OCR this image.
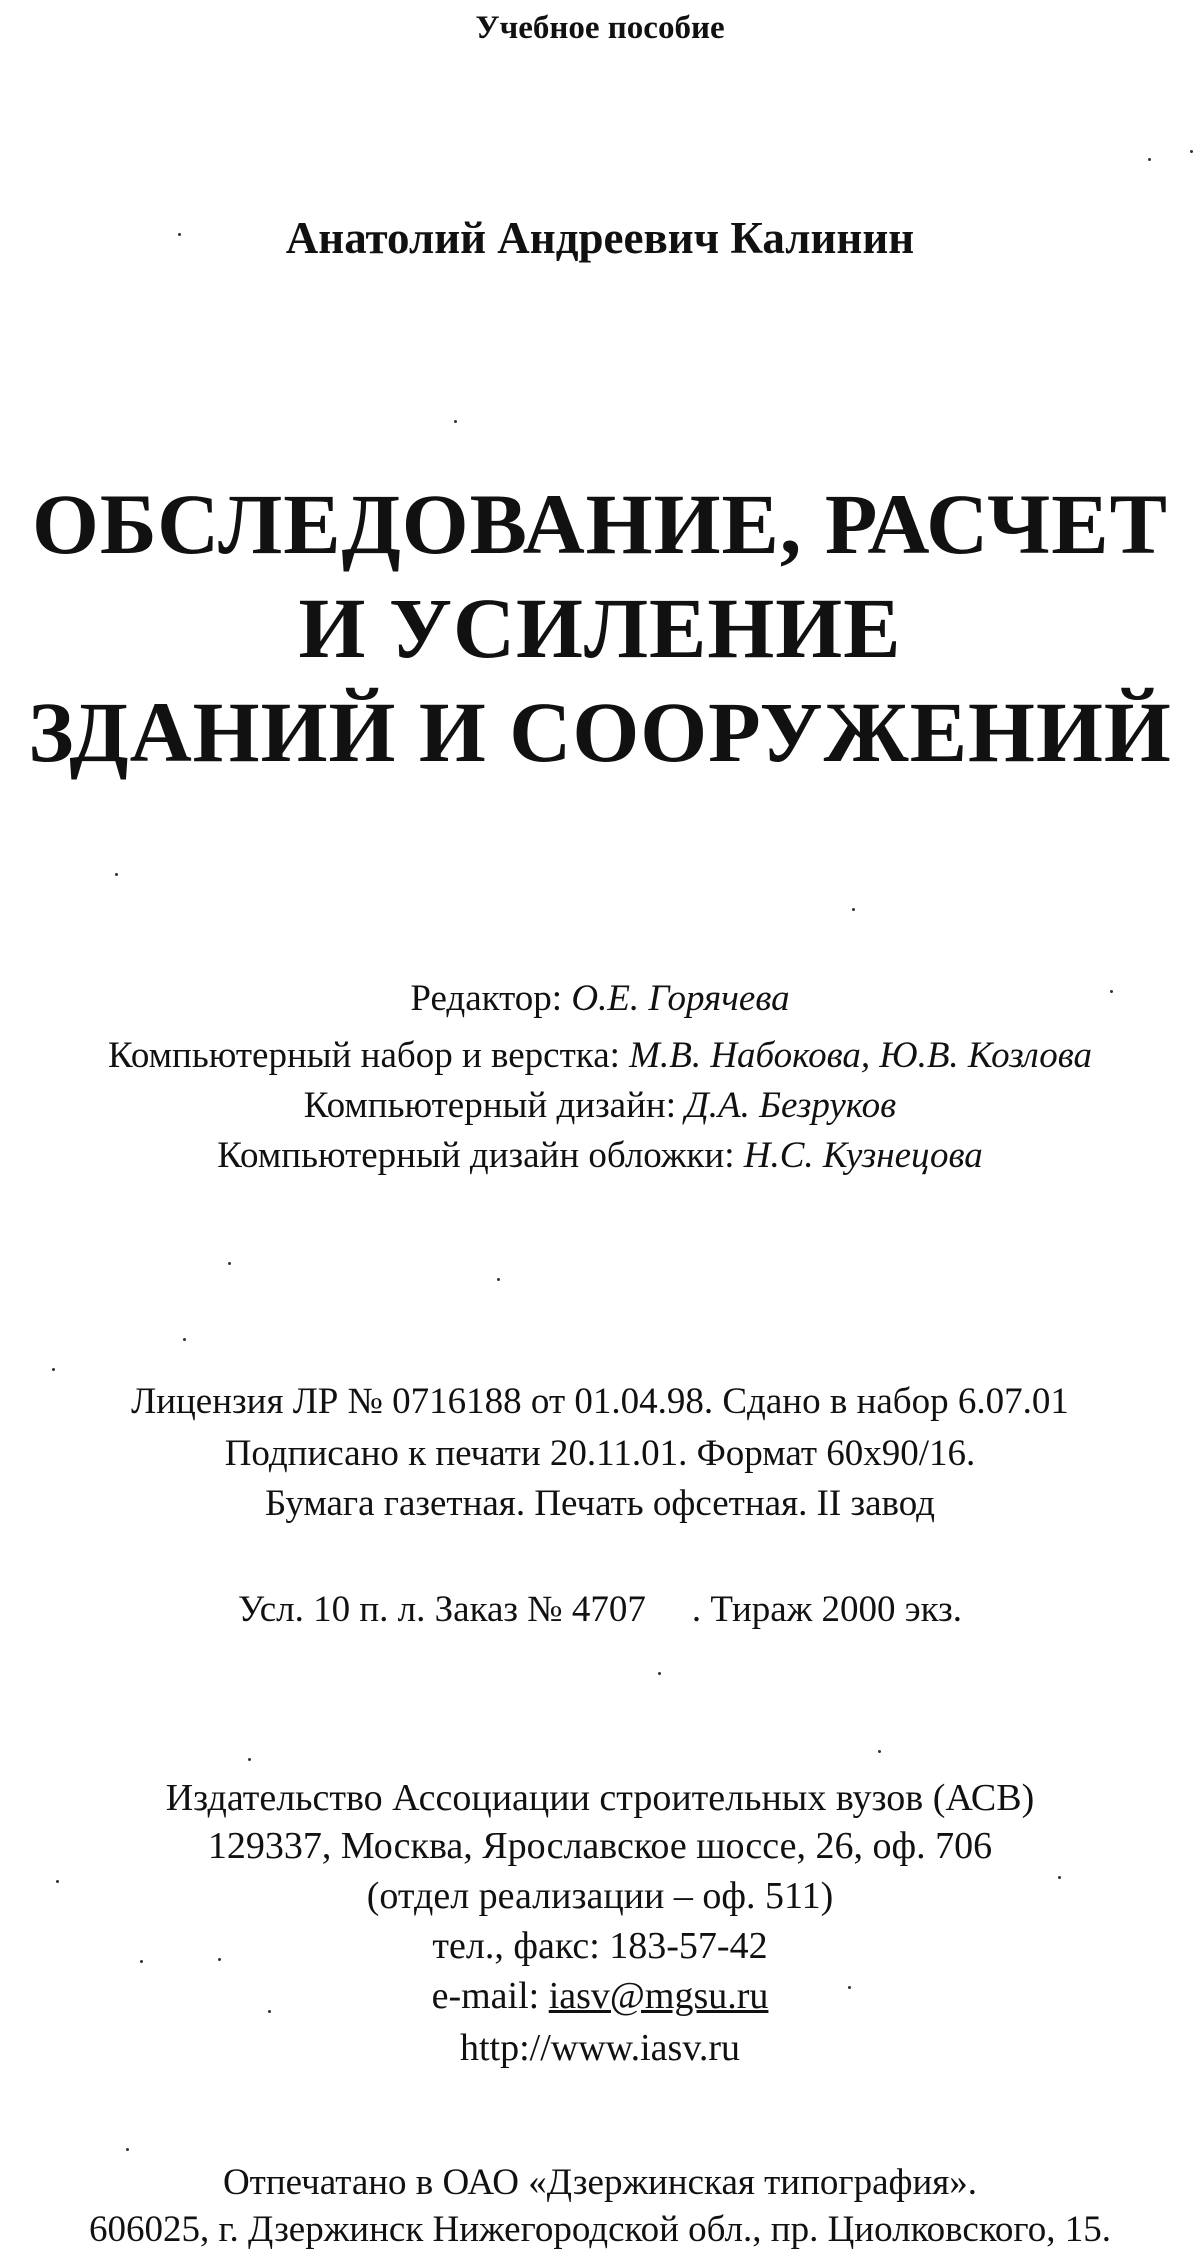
Учебное пособие
Анатолий Андреевич Калинин
ОБСЛЕДОВАНИЕ, РАСЧЕТ
И УСИЛЕНИЕ
ЗДАНИЙ И СООРУЖЕНИЙ
Редактор: О.Е. Горячева
Компьютерный набор и верстка: М.В. Набокова, Ю.В. Козлова
Компьютерный дизайн: Д.А. Безруков
Компьютерный дизайн обложки: Н.С. Кузнецова
Лицензия ЛР № 0716188 от 01.04.98. Сдано в набор 6.07.01
Подписано к печати 20.11.01. Формат 60x90/16.
Бумага газетная. Печать офсетная. II завод
Усл. 10 п. л. Заказ № 4707 . Тираж 2000 экз.
Издательство Ассоциации строительных вузов (АСВ)
129337, Москва, Ярославское шоссе, 26, оф. 706
(отдел реализации – оф. 511)
тел., факс: 183-57-42
e-mail: iasv@mgsu.ru
http://www.iasv.ru
Отпечатано в ОАО «Дзержинская типография».
606025, г. Дзержинск Нижегородской обл., пр. Циолковского, 15.
